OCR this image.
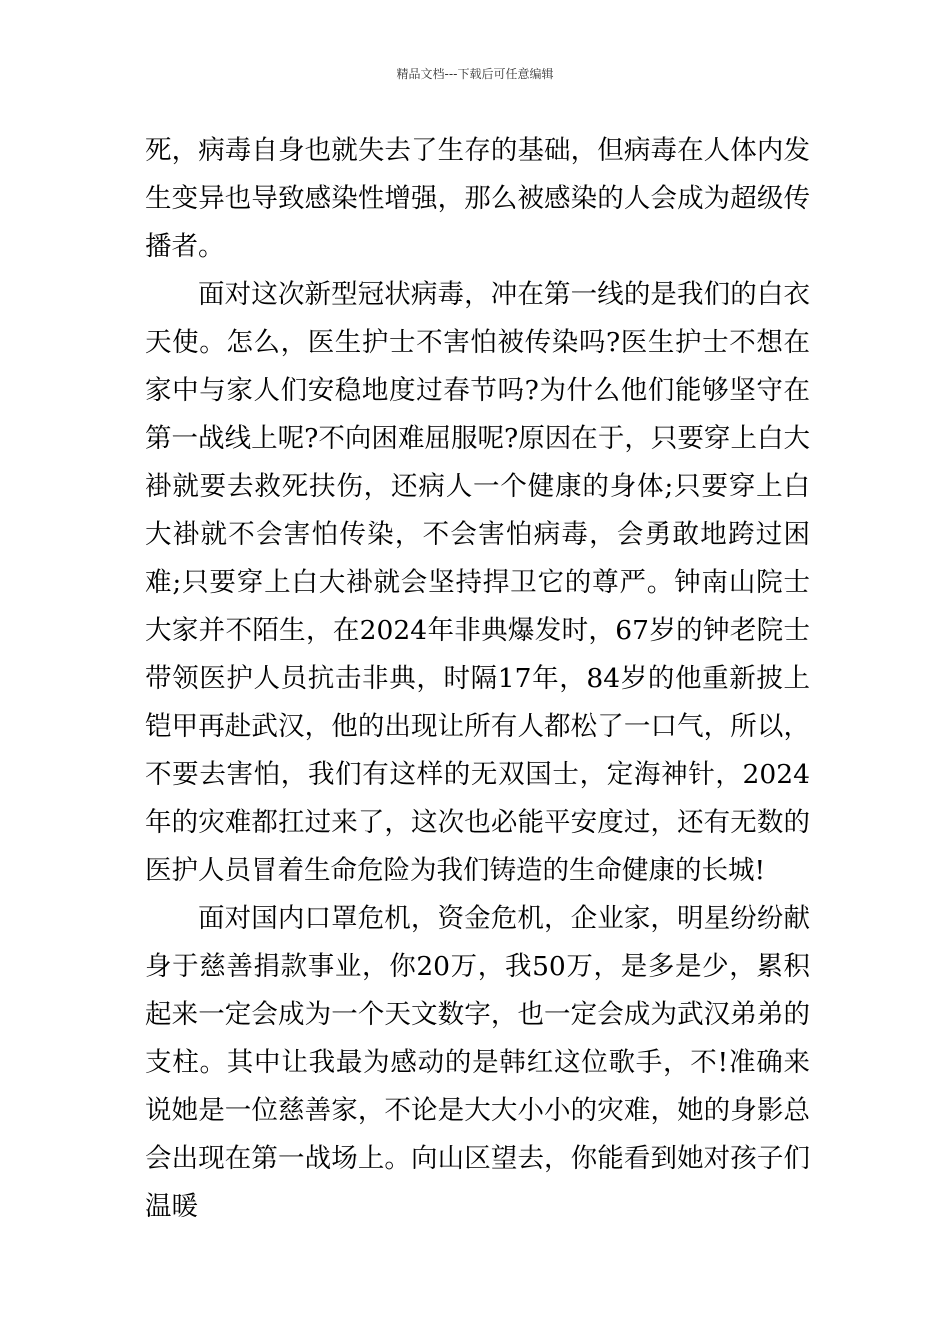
精品文档---下载后可任意编辑

死，病毒自身也就失去了生存的基础，但病毒在人体内发生变异也导致感染性增强，那么被感染的人会成为超级传播者。

面对这次新型冠状病毒，冲在第一线的是我们的白衣天使。怎么，医生护士不害怕被传染吗?医生护士不想在家中与家人们安稳地度过春节吗?为什么他们能够坚守在第一战线上呢?不向困难屈服呢?原因在于，只要穿上白大褂就要去救死扶伤，还病人一个健康的身体;只要穿上白大褂就不会害怕传染，不会害怕病毒，会勇敢地跨过困难;只要穿上白大褂就会坚持捍卫它的尊严。钟南山院士大家并不陌生，在2024年非典爆发时，67岁的钟老院士带领医护人员抗击非典，时隔17年，84岁的他重新披上铠甲再赴武汉，他的出现让所有人都松了一口气，所以，不要去害怕，我们有这样的无双国士，定海神针，2024年的灾难都扛过来了，这次也必能平安度过，还有无数的医护人员冒着生命危险为我们铸造的生命健康的长城!

面对国内口罩危机，资金危机，企业家，明星纷纷献身于慈善捐款事业，你20万，我50万，是多是少，累积起来一定会成为一个天文数字，也一定会成为武汉弟弟的支柱。其中让我最为感动的是韩红这位歌手，不!准确来说她是一位慈善家，不论是大大小小的灾难，她的身影总会出现在第一战场上。向山区望去，你能看到她对孩子们温暖
